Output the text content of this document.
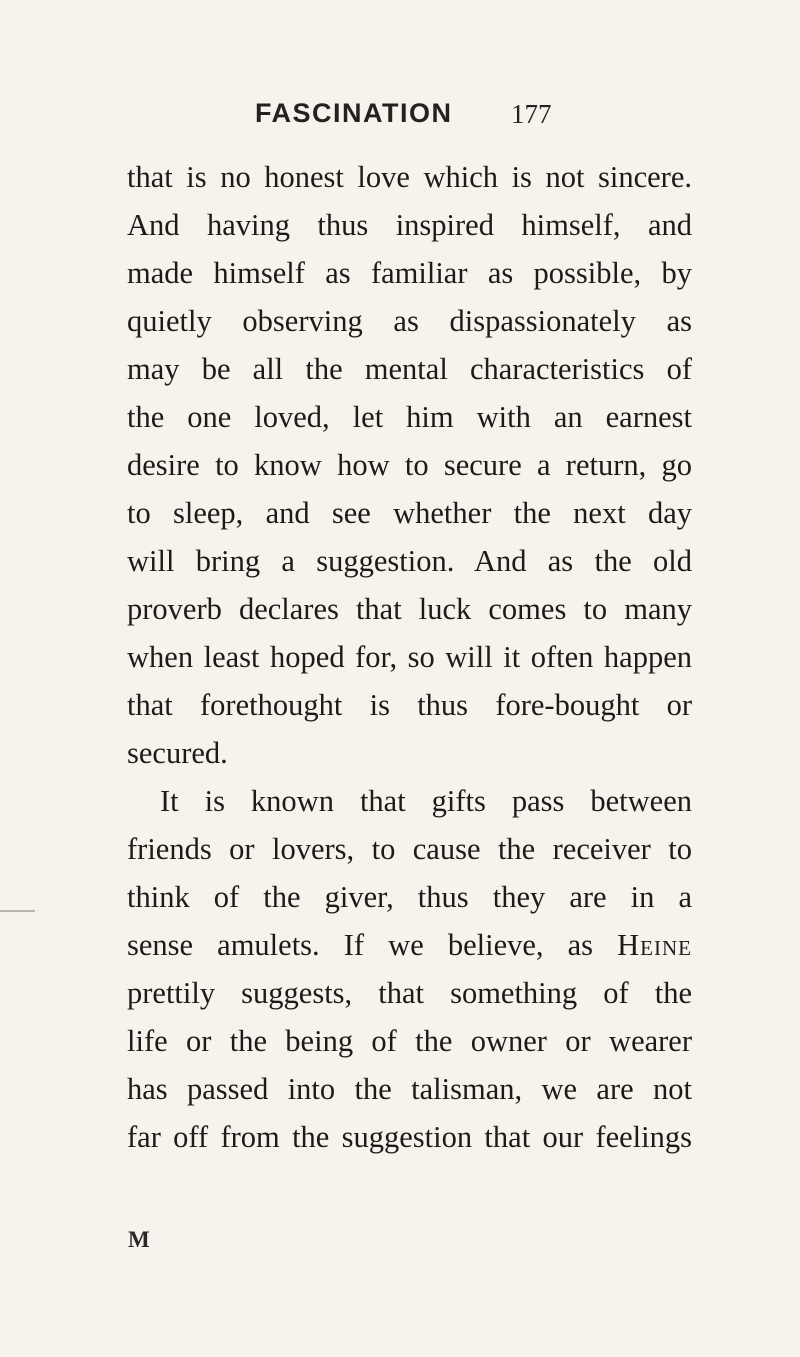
FASCINATION 177
that is no honest love which is not sincere.
And having thus inspired himself, and
made himself as familiar as possible, by
quietly observing as dispassionately as
may be all the mental characteristics of
the one loved, let him with an earnest
desire to know how to secure a return, go
to sleep, and see whether the next day
will bring a suggestion. And as the old
proverb declares that luck comes to many
when least hoped for, so will it often happen
that forethought is thus fore-bought or
secured.
It is known that gifts pass between
friends or lovers, to cause the receiver to
think of the giver, thus they are in a
sense amulets. If we believe, as Heine
prettily suggests, that something of the
life or the being of the owner or wearer
has passed into the talisman, we are not
far off from the suggestion that our feelings
M
